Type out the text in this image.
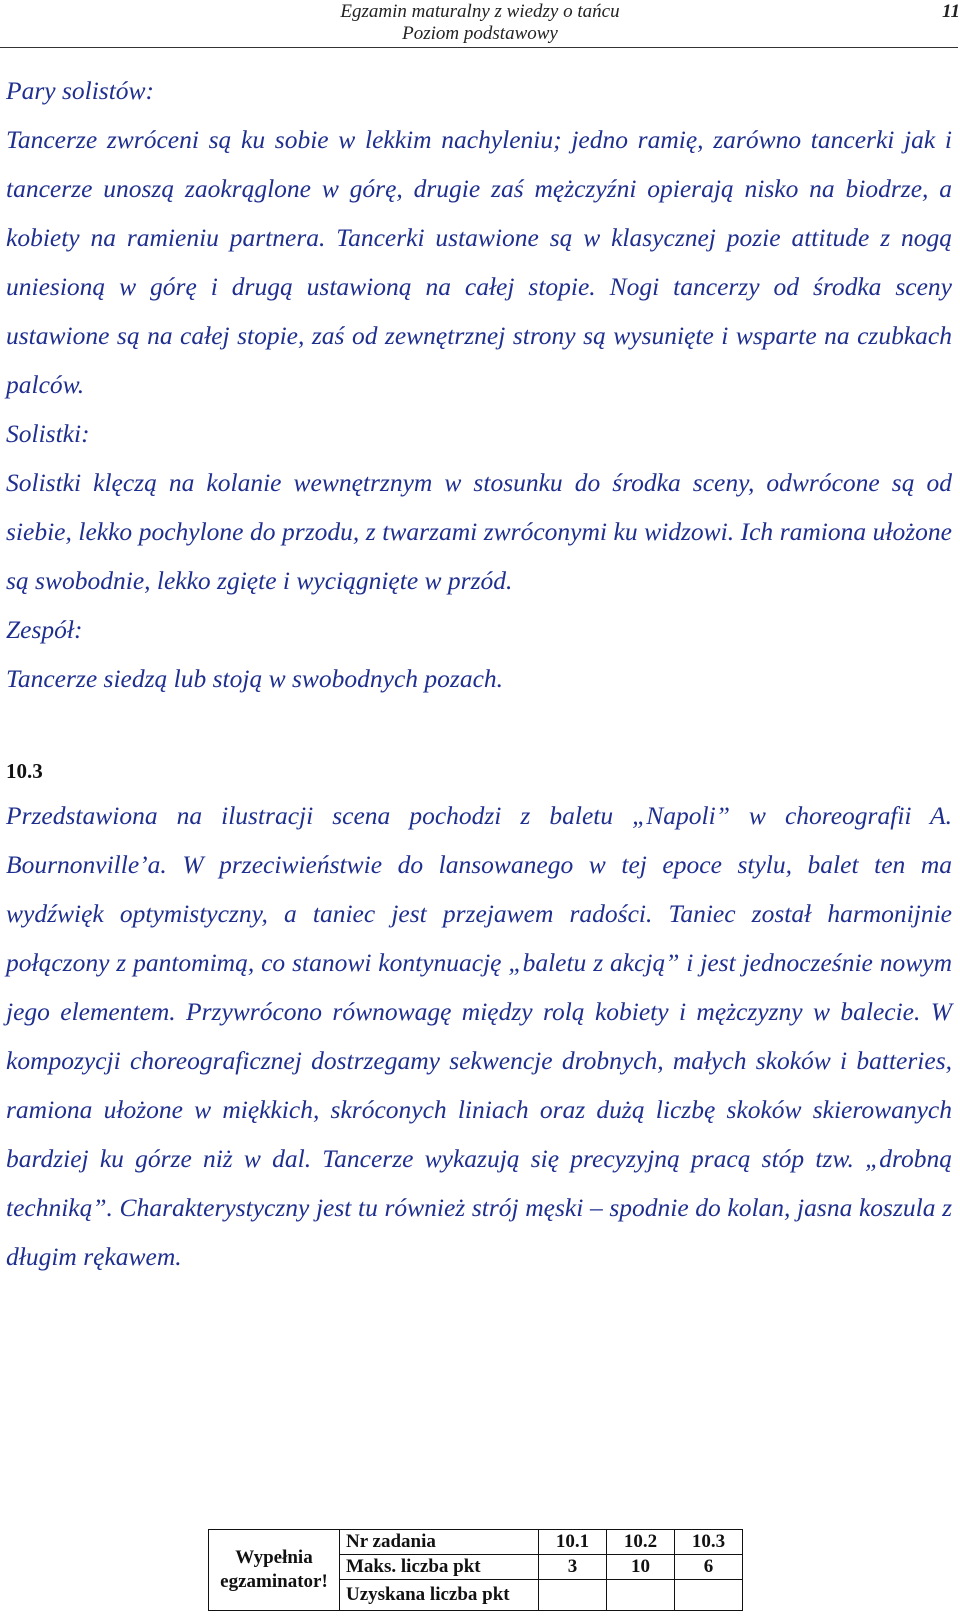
Egzamin maturalny z wiedzy o tańcu
Poziom podstawowy
11

Pary solistów:

Tancerze zwróceni są ku sobie w lekkim nachyleniu; jedno ramię, zarówno tancerki jak i tancerze unoszą zaokrąglone w górę, drugie zaś mężczyźni opierają nisko na biodrze, a kobiety na ramieniu partnera. Tancerki ustawione są w klasycznej pozie attitude z nogą uniesioną w górę i drugą ustawioną na całej stopie. Nogi tancerzy od środka sceny ustawione są na całej stopie, zaś od zewnętrznej strony są wysunięte i wsparte na czubkach palców.

Solistki:

Solistki klęczą na kolanie wewnętrznym w stosunku do środka sceny, odwrócone są od siebie, lekko pochylone do przodu, z twarzami zwróconymi ku widzowi. Ich ramiona ułożone są swobodnie, lekko zgięte i wyciągnięte w przód.

Zespół:

Tancerze siedzą lub stoją w swobodnych pozach.

10.3

Przedstawiona na ilustracji scena pochodzi z baletu „Napoli” w choreografii A. Bournonville’a. W przeciwieństwie do lansowanego w tej epoce stylu, balet ten ma wydźwięk optymistyczny, a taniec jest przejawem radości. Taniec został harmonijnie połączony z pantomimą, co stanowi kontynuację „baletu z akcją” i jest jednocześnie nowym jego elementem. Przywrócono równowagę między rolą kobiety i mężczyzny w balecie. W kompozycji choreograficznej dostrzegamy sekwencje drobnych, małych skoków i batteries, ramiona ułożone w miękkich, skróconych liniach oraz dużą liczbę skoków skierowanych bardziej ku górze niż w dal. Tancerze wykazują się precyzyjną pracą stóp tzw. „drobną techniką”. Charakterystyczny jest tu również strój męski – spodnie do kolan, jasna koszula z długim rękawem.

Wypełnia
egzaminator!	Nr zadania	10.1	10.2	10.3
	Maks. liczba pkt	3	10	6
	Uzyskana liczba pkt			
